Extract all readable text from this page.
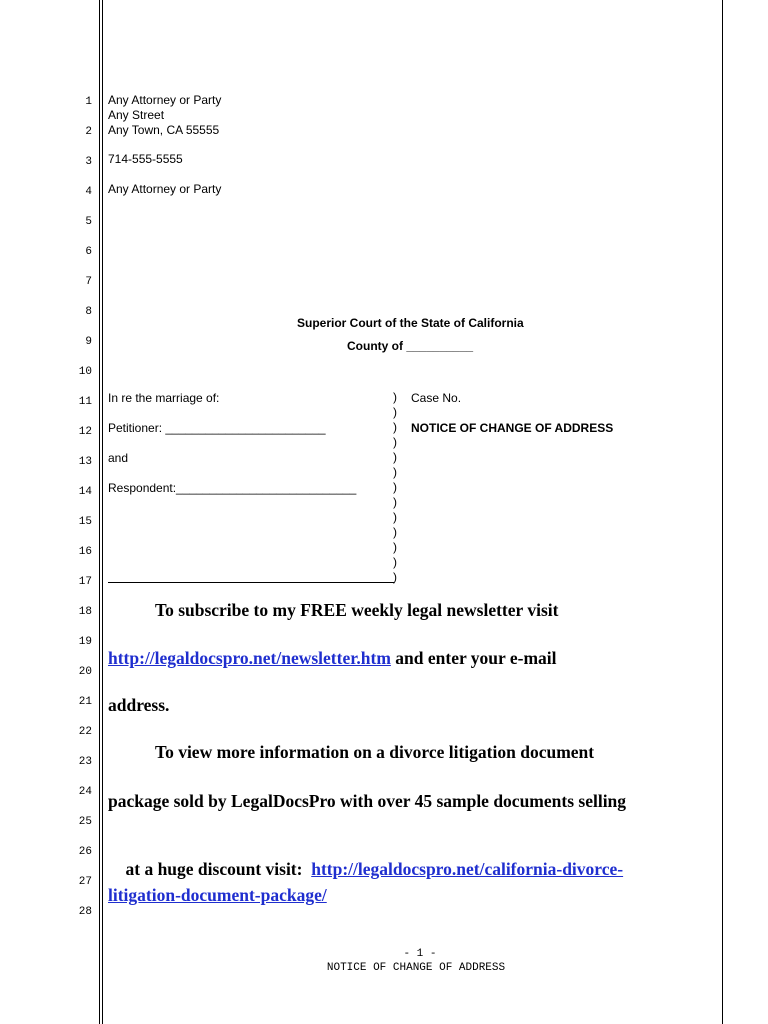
1
2
3
4
5
6
7
8
9
10
11
12
13
14
15
16
17
18
19
20
21
22
23
24
25
26
27
28
Any Attorney or Party
Any Street
Any Town, CA 55555
714-555-5555
Any Attorney or Party
Superior Court of the State of California
County of __________
In re the marriage of:
Petitioner: ________________________
and
Respondent:___________________________
)
)
)
)
)
)
)
)
)
)
)
)
)
Case No.
NOTICE OF CHANGE OF ADDRESS
To subscribe to my FREE weekly legal newsletter visit
http://legaldocspro.net/newsletter.htm and enter your e-mail
address.
To view more information on a divorce litigation document
package sold by LegalDocsPro with over 45 sample documents selling

at a huge discount visit:  http://legaldocspro.net/california-divorce-

litigation-document-package/
- 1 -
NOTICE OF CHANGE OF ADDRESS
